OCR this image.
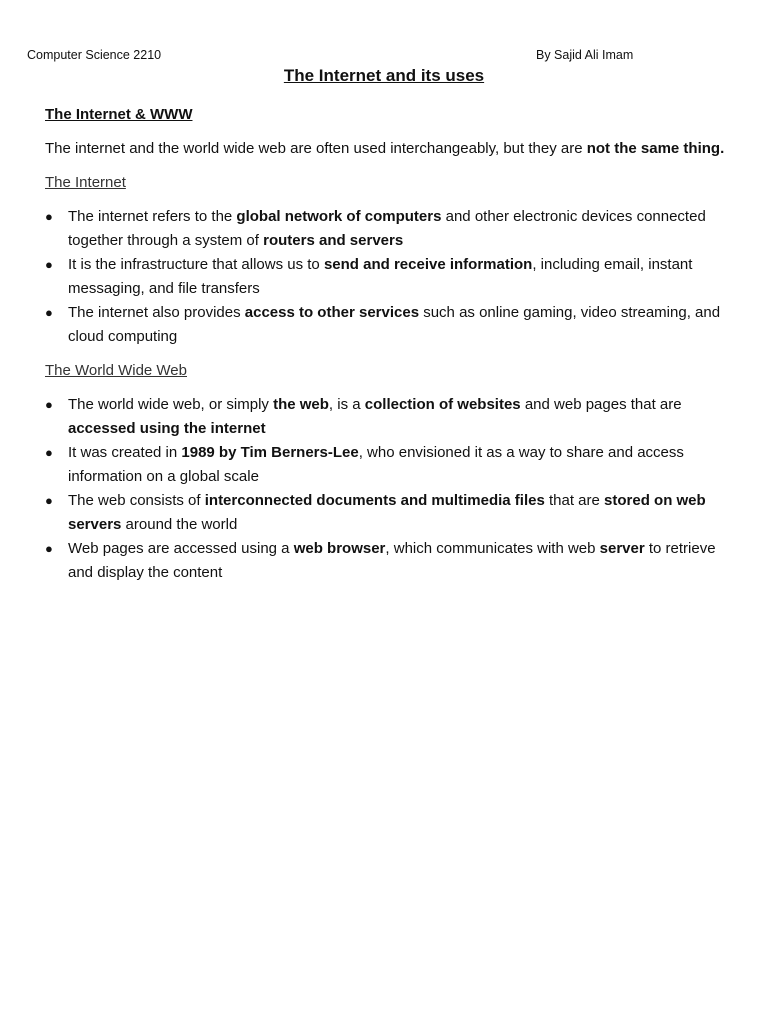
Computer Science 2210	By Sajid Ali Imam
The Internet and its uses
The Internet & WWW

The internet and the world wide web are often used interchangeably, but they are not the same thing.

The Internet
● The internet refers to the global network of computers and other electronic devices connected together through a system of routers and servers
● It is the infrastructure that allows us to send and receive information, including email, instant messaging, and file transfers
● The internet also provides access to other services such as online gaming, video streaming, and cloud computing
The World Wide Web
● The world wide web, or simply the web, is a collection of websites and web pages that are accessed using the internet
● It was created in 1989 by Tim Berners-Lee, who envisioned it as a way to share and access information on a global scale
● The web consists of interconnected documents and multimedia files that are stored on web servers around the world
● Web pages are accessed using a web browser, which communicates with web server to retrieve and display the content
